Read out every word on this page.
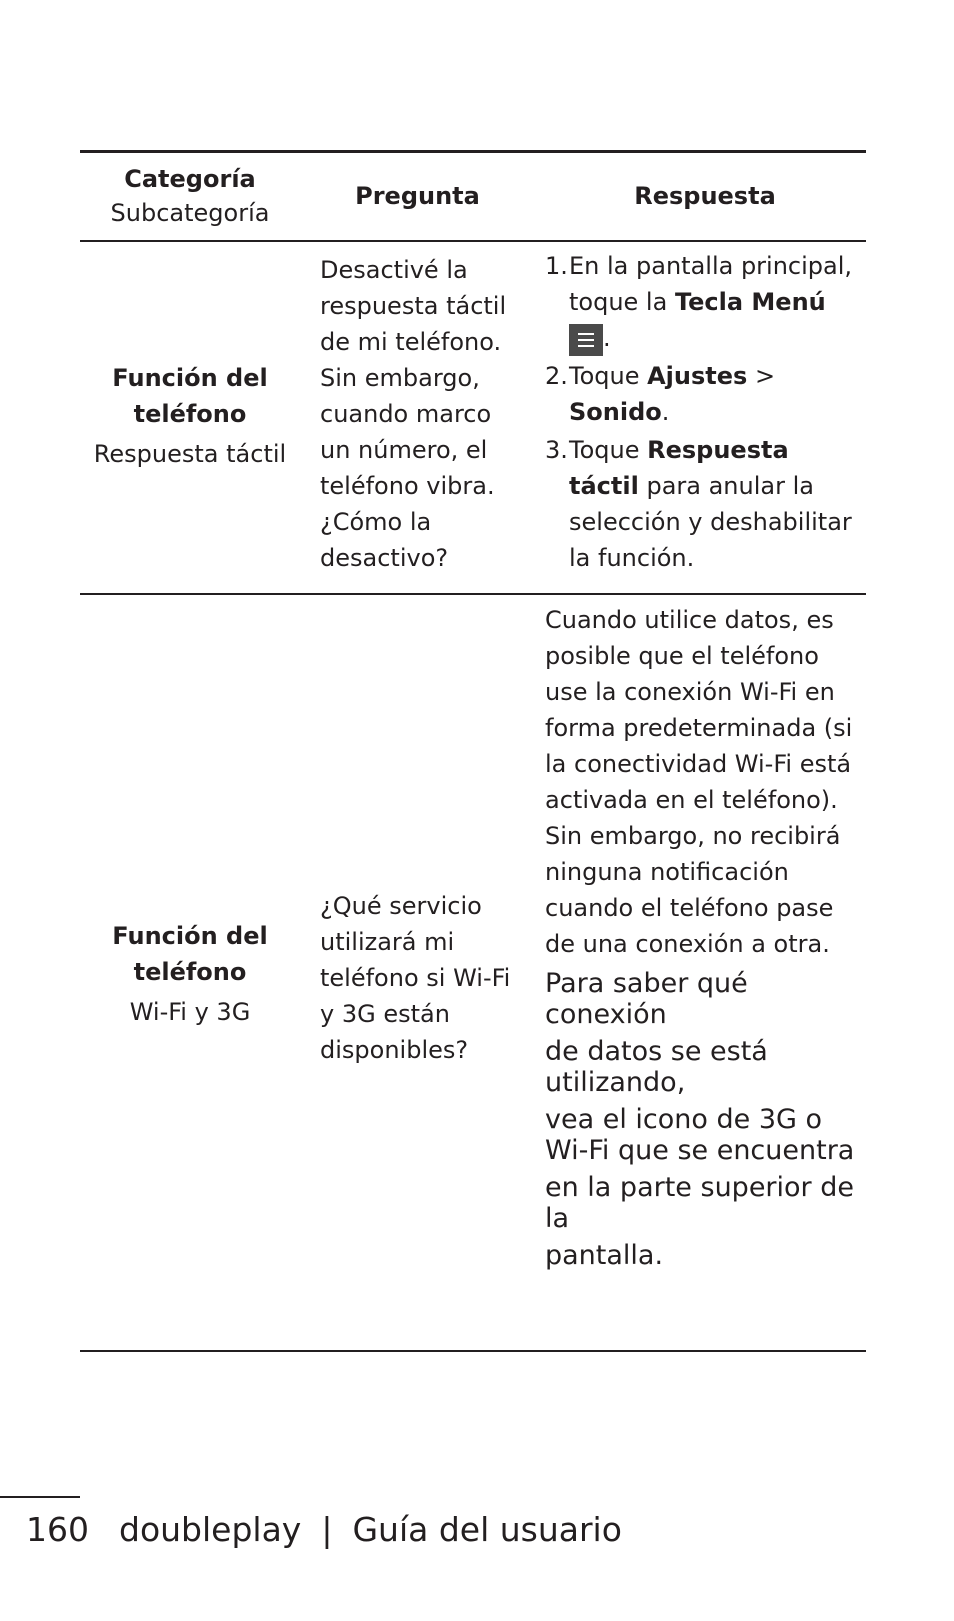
Categoría
Subcategoría
Pregunta	Respuesta
Función del teléfono
Respuesta táctil
Desactivé la respuesta táctil de mi teléfono. Sin embargo, cuando marco un número, el teléfono vibra. ¿Cómo la desactivo?
1. En la pantalla principal, toque la Tecla Menú

.
2. Toque Ajustes > Sonido.
3. Toque Respuesta táctil para anular la selección y deshabilitar la función.
Función del teléfono
Wi-Fi y 3G
¿Qué servicio utilizará mi teléfono si Wi-Fi y 3G están disponibles?
Cuando utilice datos, es posible que el teléfono use la conexión Wi-Fi en forma predeterminada (si la conectividad Wi-Fi está activada en el teléfono). Sin embargo, no recibirá ninguna notificación cuando el teléfono pase de una conexión a otra.
Para saber qué conexión
de datos se está utilizando,
vea el icono de 3G o Wi-Fi que se encuentra
en la parte superior de la
pantalla.
160 doubleplay | Guía del usuario
